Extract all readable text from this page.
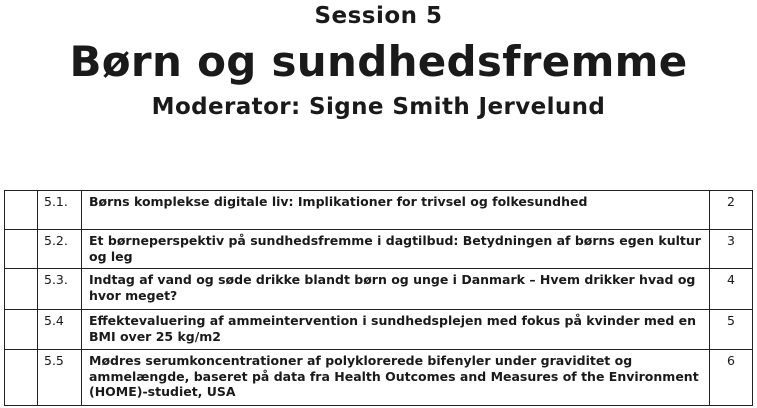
Session 5
Børn og sundhedsfremme
Moderator: Signe Smith Jervelund
	5.1.	Børns komplekse digitale liv: Implikationer for trivsel og folkesundhed	2
	5.2.	Et børneperspektiv på sundhedsfremme i dagtilbud: Betydningen af børns egen kultur og leg	3
	5.3.	Indtag af vand og søde drikke blandt børn og unge i Danmark – Hvem drikker hvad og hvor meget?	4
	5.4	Effektevaluering af ammeintervention i sundhedsplejen med fokus på kvinder med en BMI over 25 kg/m2	5
	5.5	Mødres serumkoncentrationer af polyklorerede bifenyler under graviditet og ammelængde, baseret på data fra Health Outcomes and Measures of the Environment (HOME)-studiet, USA	6
